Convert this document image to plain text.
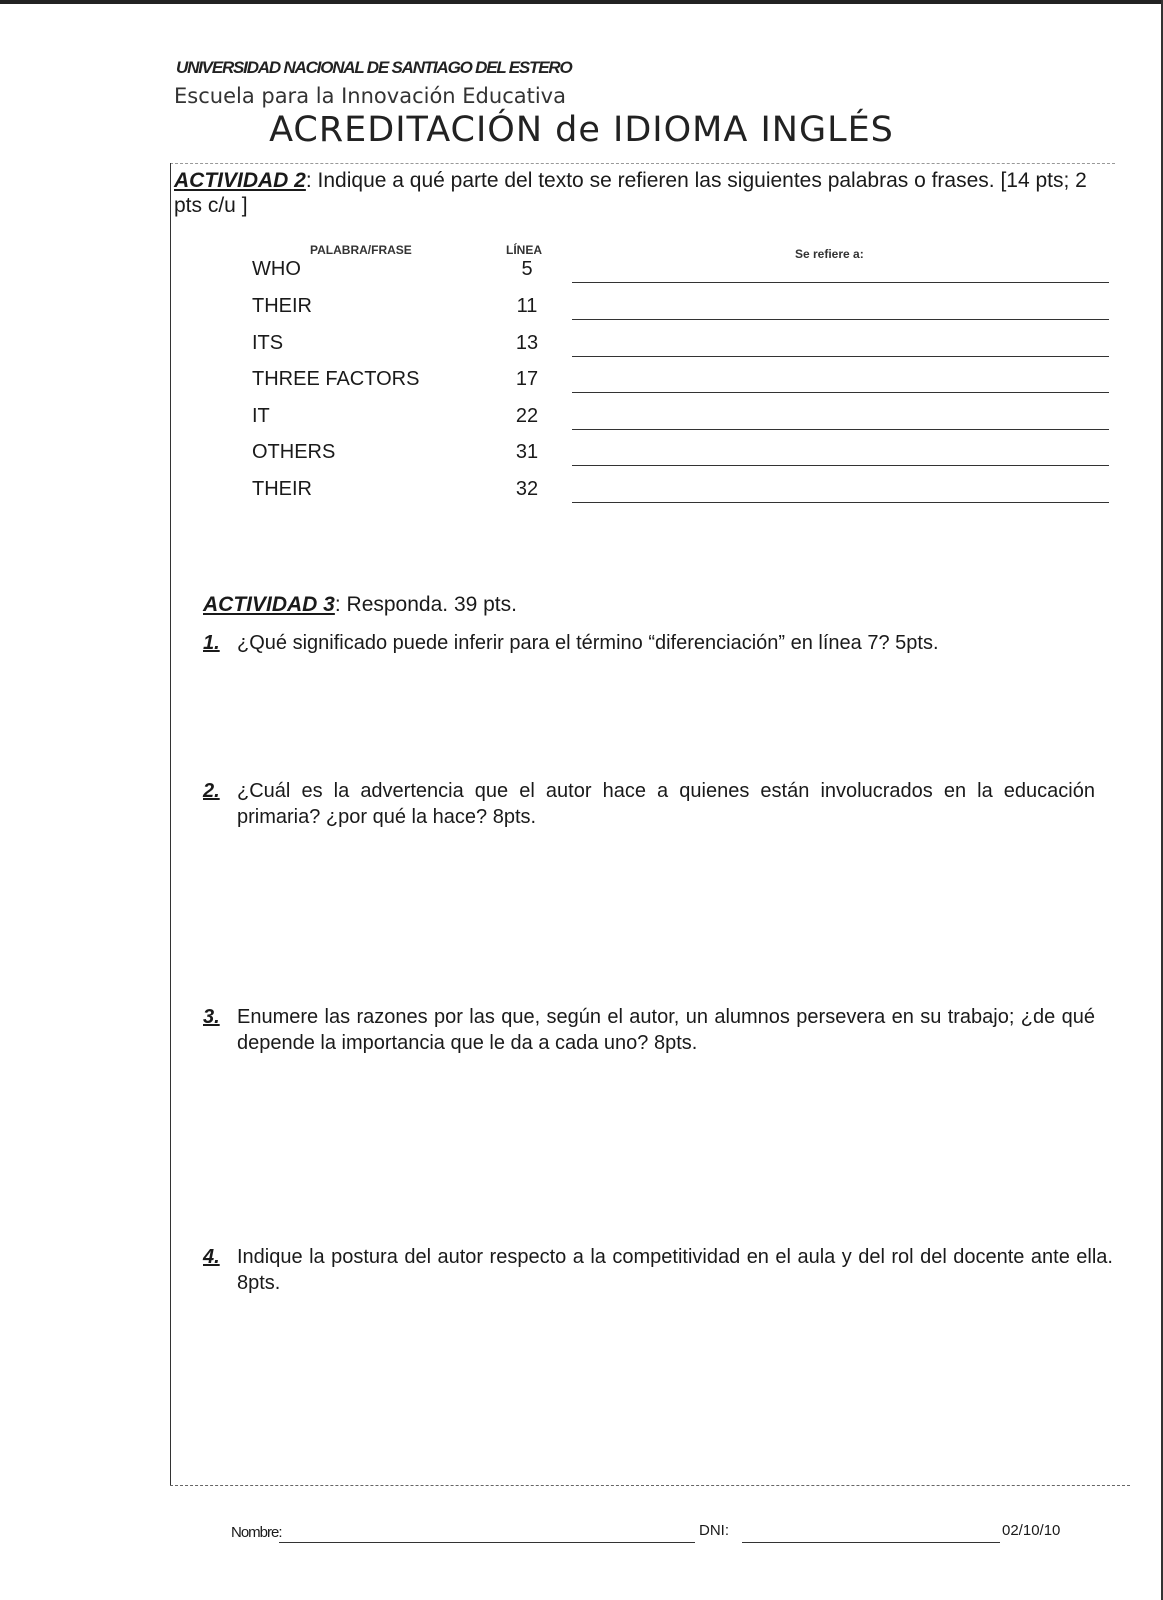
UNIVERSIDAD NACIONAL DE SANTIAGO DEL ESTERO
Escuela para la Innovación Educativa
ACREDITACIÓN de IDIOMA INGLÉS
ACTIVIDAD 2: Indique a qué parte del texto se refieren las siguientes palabras o frases. [14 pts; 2 pts c/u ]
PALABRA/FRASE	LÍNEA	Se refiere a:
WHO	5
THEIR	11
ITS	13
THREE FACTORS	17
IT	22
OTHERS	31
THEIR	32
ACTIVIDAD 3: Responda. 39 pts.
1. ¿Qué significado puede inferir para el término “diferenciación” en línea 7? 5pts.
2. ¿Cuál es la advertencia que el autor hace a quienes están involucrados en la educación primaria? ¿por qué la hace? 8pts.
3. Enumere las razones por las que, según el autor, un alumnos persevera en su trabajo; ¿de qué depende la importancia que le da a cada uno? 8pts.
4. Indique la postura del autor respecto a la competitividad en el aula y del rol del docente ante ella. 8pts.
Nombre:	DNI:	02/10/10
